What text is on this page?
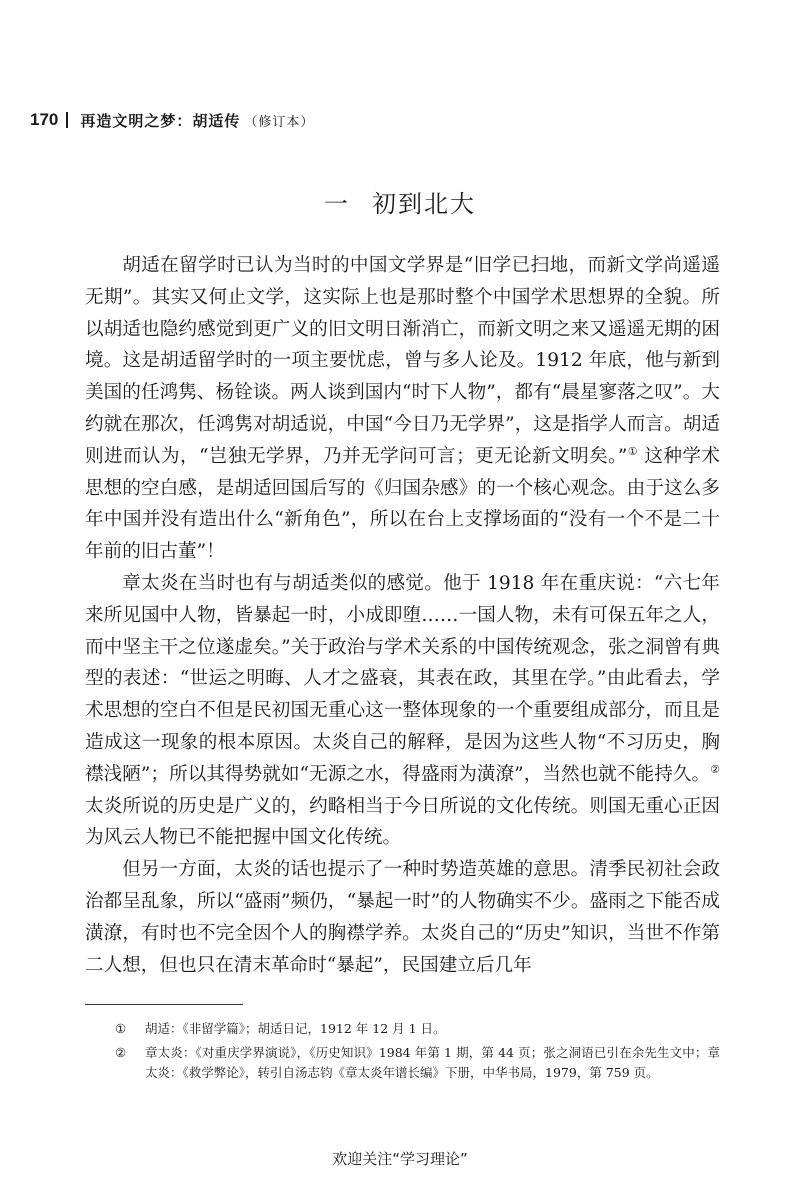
170 再造文明之梦：胡适传 （修订本）
一 初到北大

胡适在留学时已认为当时的中国文学界是“旧学已扫地，而新文学尚遥遥无期”。其实又何止文学，这实际上也是那时整个中国学术思想界的全貌。所以胡适也隐约感觉到更广义的旧文明日渐消亡，而新文明之来又遥遥无期的困境。这是胡适留学时的一项主要忧虑，曾与多人论及。1912 年底，他与新到美国的任鸿隽、杨铨谈。两人谈到国内“时下人物”，都有“晨星寥落之叹”。大约就在那次，任鸿隽对胡适说，中国“今日乃无学界”，这是指学人而言。胡适则进而认为，“岂独无学界，乃并无学问可言；更无论新文明矣。”① 这种学术思想的空白感，是胡适回国后写的《归国杂感》的一个核心观念。由于这么多年中国并没有造出什么“新角色”，所以在台上支撑场面的“没有一个不是二十年前的旧古董”！

章太炎在当时也有与胡适类似的感觉。他于 1918 年在重庆说：“六七年来所见国中人物，皆暴起一时，小成即堕……一国人物，未有可保五年之人，而中坚主干之位遂虚矣。”关于政治与学术关系的中国传统观念，张之洞曾有典型的表述：“世运之明晦、人才之盛衰，其表在政，其里在学。”由此看去，学术思想的空白不但是民初国无重心这一整体现象的一个重要组成部分，而且是造成这一现象的根本原因。太炎自己的解释，是因为这些人物“不习历史，胸襟浅陋”；所以其得势就如“无源之水，得盛雨为潢潦”，当然也就不能持久。② 太炎所说的历史是广义的，约略相当于今日所说的文化传统。则国无重心正因为风云人物已不能把握中国文化传统。

但另一方面，太炎的话也提示了一种时势造英雄的意思。清季民初社会政治都呈乱象，所以“盛雨”频仍，“暴起一时”的人物确实不少。盛雨之下能否成潢潦，有时也不完全因个人的胸襟学养。太炎自己的“历史”知识，当世不作第二人想，但也只在清末革命时“暴起”，民国建立后几年

①	胡适：《非留学篇》；胡适日记，1912 年 12 月 1 日。
②	章太炎：《对重庆学界演说》，《历史知识》1984 年第 1 期，第 44 页；张之洞语已引在余先生文中；章太炎：《救学弊论》，转引自汤志钧《章太炎年谱长编》下册，中华书局，1979，第 759 页。
欢迎关注“学习理论”
